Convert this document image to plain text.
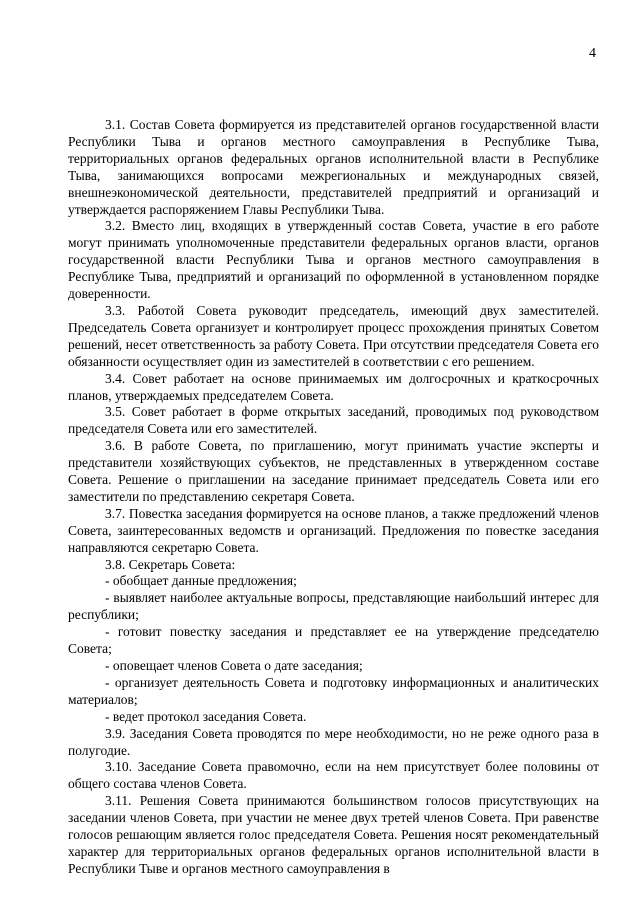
4

3.1. Состав Совета формируется из представителей органов государственной власти Республики Тыва и органов местного самоуправления в Республике Тыва, территориальных органов федеральных органов исполнительной власти в Республике Тыва, занимающихся вопросами межрегиональных и международных связей, внешнеэкономической деятельности, представителей предприятий и организаций и утверждается распоряжением Главы Республики Тыва.

3.2. Вместо лиц, входящих в утвержденный состав Совета, участие в его работе могут принимать уполномоченные представители федеральных органов власти, органов государственной власти Республики Тыва и органов местного самоуправления в Республике Тыва, предприятий и организаций по оформленной в установленном порядке доверенности.

3.3. Работой Совета руководит председатель, имеющий двух заместителей. Председатель Совета организует и контролирует процесс прохождения принятых Советом решений, несет ответственность за работу Совета. При отсутствии председателя Совета его обязанности осуществляет один из заместителей в соответствии с его решением.

3.4. Совет работает на основе принимаемых им долгосрочных и краткосрочных планов, утверждаемых председателем Совета.

3.5. Совет работает в форме открытых заседаний, проводимых под руководством председателя Совета или его заместителей.

3.6. В работе Совета, по приглашению, могут принимать участие эксперты и представители хозяйствующих субъектов, не представленных в утвержденном составе Совета. Решение о приглашении на заседание принимает председатель Совета или его заместители по представлению секретаря Совета.

3.7. Повестка заседания формируется на основе планов, а также предложений членов Совета, заинтересованных ведомств и организаций. Предложения по повестке заседания направляются секретарю Совета.

3.8. Секретарь Совета:

- обобщает данные предложения;

- выявляет наиболее актуальные вопросы, представляющие наибольший интерес для республики;

- готовит повестку заседания и представляет ее на утверждение председателю Совета;

- оповещает членов Совета о дате заседания;

- организует деятельность Совета и подготовку информационных и аналитических материалов;

- ведет протокол заседания Совета.

3.9. Заседания Совета проводятся по мере необходимости, но не реже одного раза в полугодие.

3.10. Заседание Совета правомочно, если на нем присутствует более половины от общего состава членов Совета.

3.11. Решения Совета принимаются большинством голосов присутствующих на заседании членов Совета, при участии не менее двух третей членов Совета. При равенстве голосов решающим является голос председателя Совета. Решения носят рекомендательный характер для территориальных органов федеральных органов исполнительной власти в Республики Тыве и органов местного самоуправления в
